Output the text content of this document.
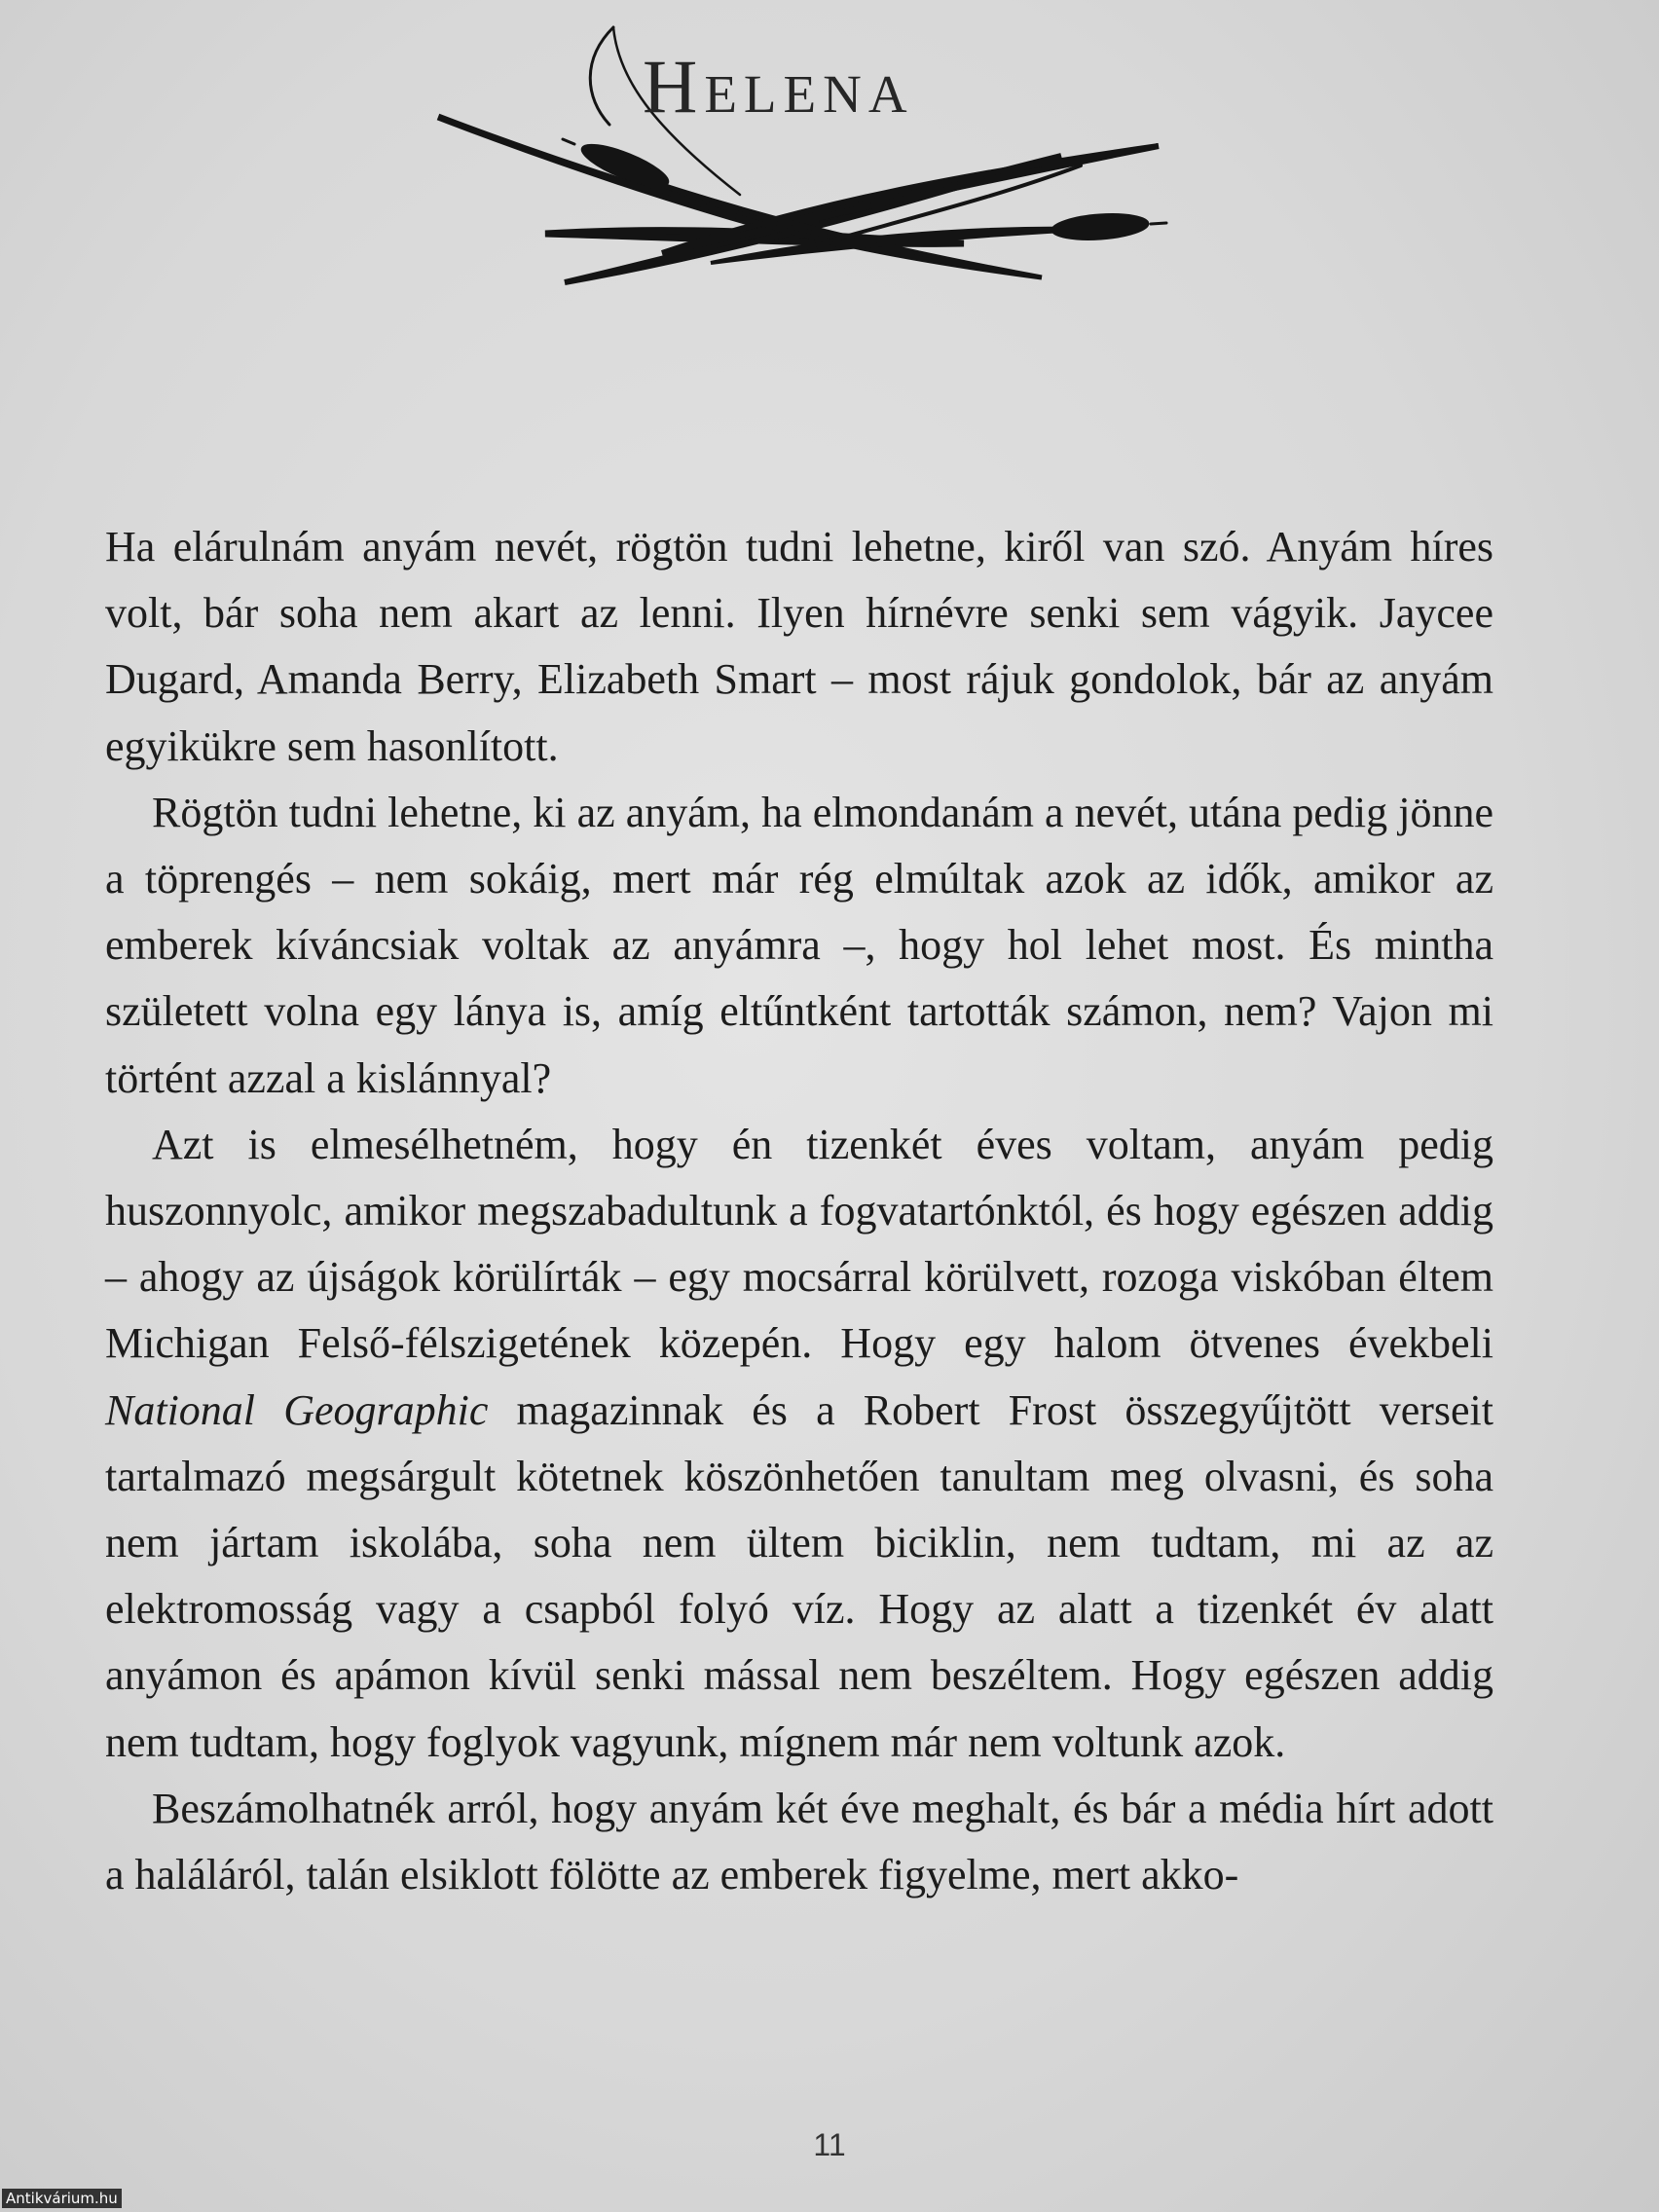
Helena

Ha elárulnám anyám nevét, rögtön tudni lehetne, kiről van szó. Anyám híres volt, bár soha nem akart az lenni. Ilyen hírnévre senki sem vágyik. Jaycee Dugard, Amanda Berry, Elizabeth Smart – most rájuk gondolok, bár az anyám egyikükre sem hasonlított.

Rögtön tudni lehetne, ki az anyám, ha elmondanám a nevét, utána pedig jönne a töprengés – nem sokáig, mert már rég elmúltak azok az idők, amikor az emberek kíváncsiak voltak az anyámra –, hogy hol lehet most. És mintha született volna egy lánya is, amíg eltűntként tartották számon, nem? Vajon mi történt azzal a kislánnyal?

Azt is elmesélhetném, hogy én tizenkét éves voltam, anyám pedig huszonnyolc, amikor megszabadultunk a fogvatartónktól, és hogy egészen addig – ahogy az újságok körülírták – egy mocsárral körülvett, rozoga viskóban éltem Michigan Felső-félszigetének közepén. Hogy egy halom ötvenes évekbeli National Geographic magazinnak és a Robert Frost összegyűjtött verseit tartalmazó megsárgult kötetnek köszönhetően tanultam meg olvasni, és soha nem jártam iskolába, soha nem ültem biciklin, nem tudtam, mi az az elektromosság vagy a csapból folyó víz. Hogy az alatt a tizenkét év alatt anyámon és apámon kívül senki mással nem beszéltem. Hogy egészen addig nem tudtam, hogy foglyok vagyunk, mígnem már nem voltunk azok.

Beszámolhatnék arról, hogy anyám két éve meghalt, és bár a média hírt adott a haláláról, talán elsiklott fölötte az emberek figyelme, mert akko-

11
Antikvárium.hu
